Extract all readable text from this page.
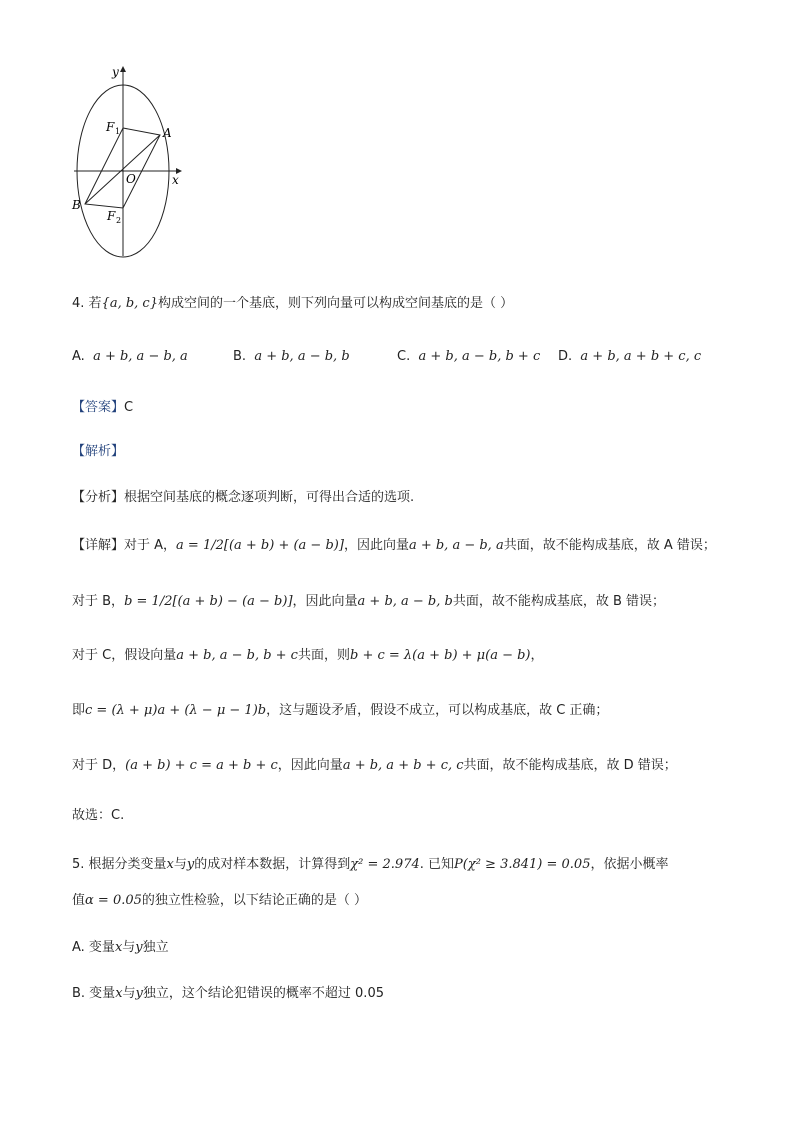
y
x
F 1	A
O
B
F 2
4. 若{a, b, c}构成空间的一个基底，则下列向量可以构成空间基底的是（ ）
A. a + b, a − b, a	B. a + b, a − b, b	C. a + b, a − b, b + c D. a + b, a + b + c, c
【答案】C
【解析】
【分析】根据空间基底的概念逐项判断，可得出合适的选项.
【详解】对于 A，a = 1/2[(a + b) + (a − b)]，因此向量a + b, a − b, a共面，故不能构成基底，故 A 错误；
对于 B，b = 1/2[(a + b) − (a − b)]，因此向量a + b, a − b, b共面，故不能构成基底，故 B 错误；
对于 C，假设向量a + b, a − b, b + c共面，则b + c = λ(a + b) + μ(a − b)，
即c = (λ + μ)a + (λ − μ − 1)b，这与题设矛盾，假设不成立，可以构成基底，故 C 正确；
对于 D，(a + b) + c = a + b + c，因此向量a + b, a + b + c, c共面，故不能构成基底，故 D 错误；
故选：C.
5. 根据分类变量x与y的成对样本数据，计算得到χ² = 2.974. 已知P(χ² ≥ 3.841) = 0.05，依据小概率
值α = 0.05的独立性检验，以下结论正确的是（ ）
A. 变量x与y独立
B. 变量x与y独立，这个结论犯错误的概率不超过 0.05
